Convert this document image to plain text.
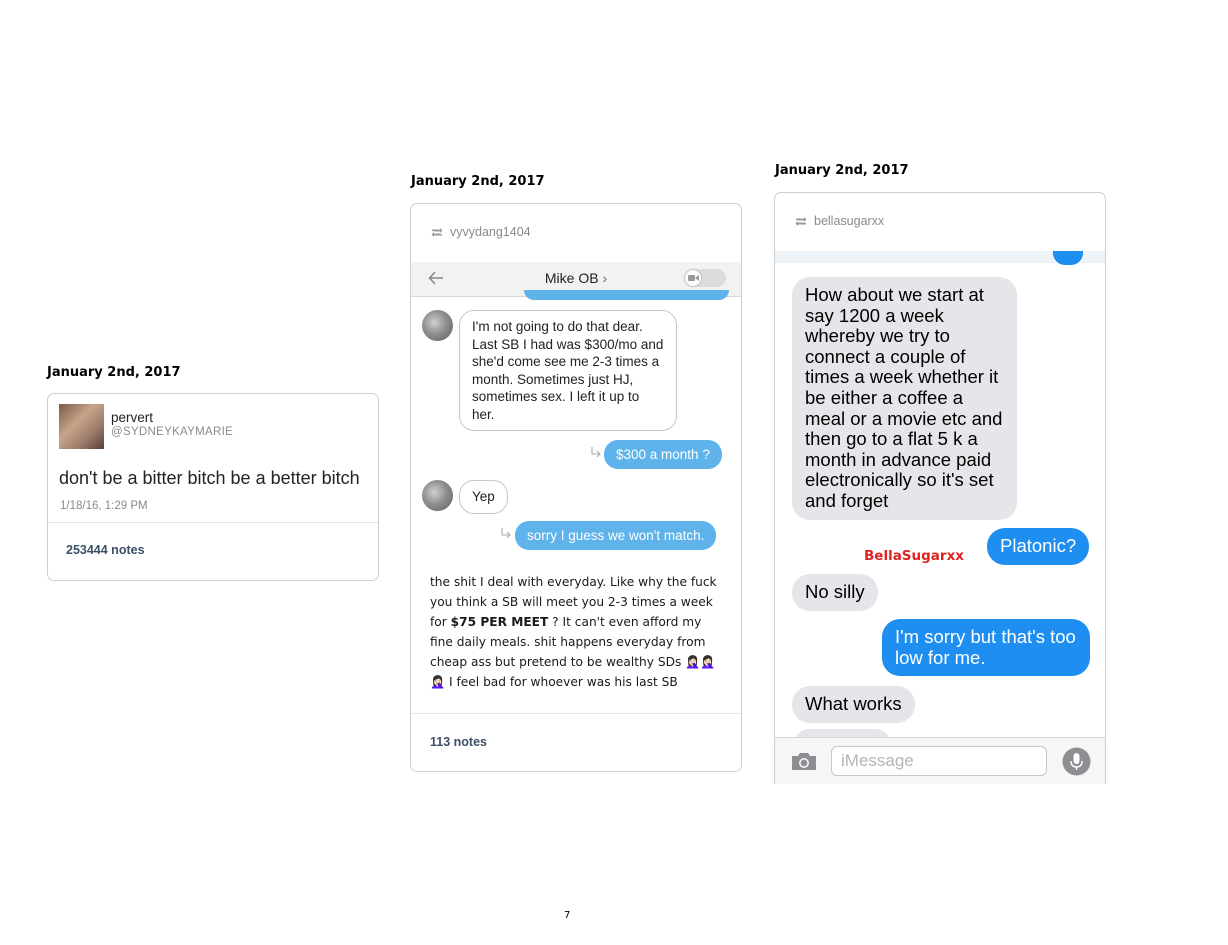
January 2nd, 2017
pervert
@SYDNEYKAYMARIE
don't be a bitter bitch be a better bitch
1/18/16, 1:29 PM
253444 notes
January 2nd, 2017
vyvydang1404
Mike OB ›
I'm not going to do that dear. Last SB I had was $300/mo and she'd come see me 2-3 times a month. Sometimes just HJ, sometimes sex. I left it up to her.
$300 a month ?
Yep
sorry I guess we won't match.
the shit I deal with everyday. Like why the fuck you think a SB will meet you 2-3 times a week for $75 PER MEET ? It can't even afford my fine daily meals. shit happens everyday from cheap ass but pretend to be wealthy SDs 🤦🏻‍♀️🤦🏻‍♀️🤦🏻‍♀️ I feel bad for whoever was his last SB
113 notes
January 2nd, 2017
bellasugarxx
How about we start at say 1200 a week whereby we try to connect a couple of times a week whether it be either a coffee a meal or a movie etc and then go to a flat 5 k a month in advance paid electronically so it's set and forget
Platonic?
BellaSugarxx
No silly
I'm sorry but that's too low for me.
What works
iMessage
7
